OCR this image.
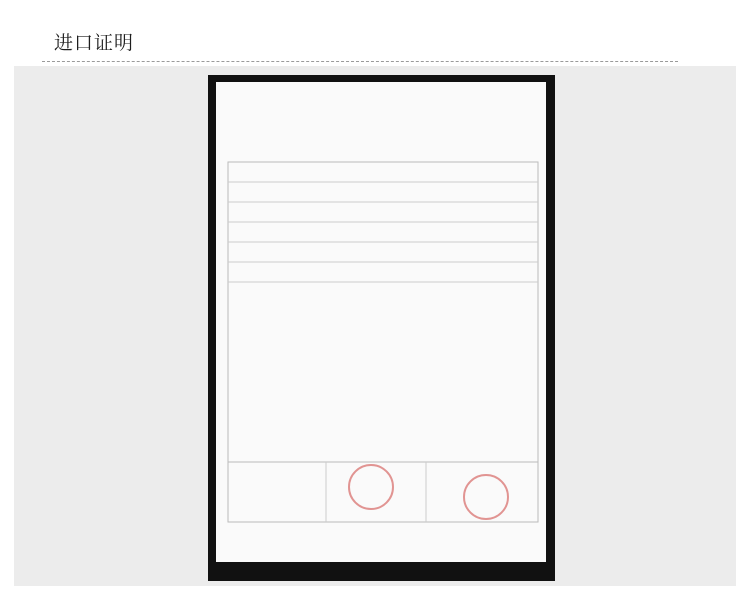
进口证明
